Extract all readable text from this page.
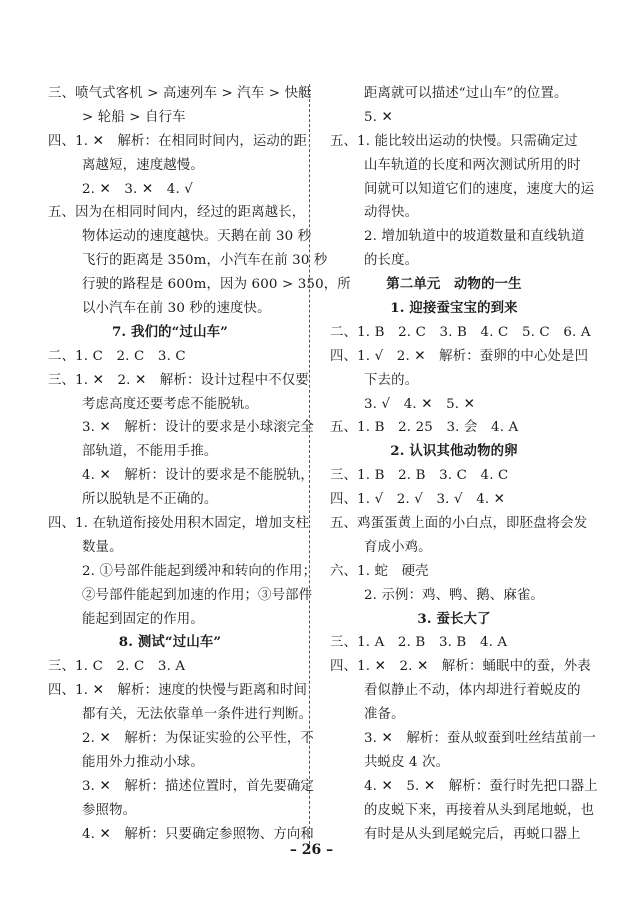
三、喷气式客机 > 高速列车 > 汽车 > 快艇
> 轮船 > 自行车
四、1. ✕　解析：在相同时间内，运动的距
离越短，速度越慢。
2. ✕　3. ✕　4. √
五、因为在相同时间内，经过的距离越长，
物体运动的速度越快。天鹅在前 30 秒
飞行的距离是 350m，小汽车在前 30 秒
行驶的路程是 600m，因为 600 > 350，所
以小汽车在前 30 秒的速度快。
7. 我们的“过山车”
二、1. C　2. C　3. C
三、1. ✕　2. ✕　解析：设计过程中不仅要
考虑高度还要考虑不能脱轨。
3. ✕　解析：设计的要求是小球滚完全
部轨道，不能用手推。
4. ✕　解析：设计的要求是不能脱轨，
所以脱轨是不正确的。
四、1. 在轨道衔接处用积木固定，增加支柱
数量。
2. ①号部件能起到缓冲和转向的作用；
②号部件能起到加速的作用；③号部件
能起到固定的作用。
8. 测试“过山车”
三、1. C　2. C　3. A
四、1. ✕　解析：速度的快慢与距离和时间
都有关，无法依靠单一条件进行判断。
2. ✕　解析：为保证实验的公平性，不
能用外力推动小球。
3. ✕　解析：描述位置时，首先要确定
参照物。
4. ✕　解析：只要确定参照物、方向和
距离就可以描述“过山车”的位置。
5. ✕
五、1. 能比较出运动的快慢。只需确定过
山车轨道的长度和两次测试所用的时
间就可以知道它们的速度，速度大的运
动得快。
2. 增加轨道中的坡道数量和直线轨道
的长度。
第二单元　动物的一生
1. 迎接蚕宝宝的到来
二、1. B　2. C　3. B　4. C　5. C　6. A
四、1. √　2. ✕　解析：蚕卵的中心处是凹
下去的。
3. √　4. ✕　5. ✕
五、1. B　2. 25　3. 会　4. A
2. 认识其他动物的卵
三、1. B　2. B　3. C　4. C
四、1. √　2. √　3. √　4. ✕
五、鸡蛋蛋黄上面的小白点，即胚盘将会发
育成小鸡。
六、1. 蛇　硬壳
2. 示例：鸡、鸭、鹅、麻雀。
3. 蚕长大了
三、1. A　2. B　3. B　4. A
四、1. ✕　2. ✕　解析：蛹眠中的蚕，外表
看似静止不动，体内却进行着蜕皮的
准备。
3. ✕　解析：蚕从蚁蚕到吐丝结茧前一
共蜕皮 4 次。
4. ✕　5. ✕　解析：蚕行时先把口器上
的皮蜕下来，再接着从头到尾地蜕，也
有时是从头到尾蜕完后，再蜕口器上
– 26 –
